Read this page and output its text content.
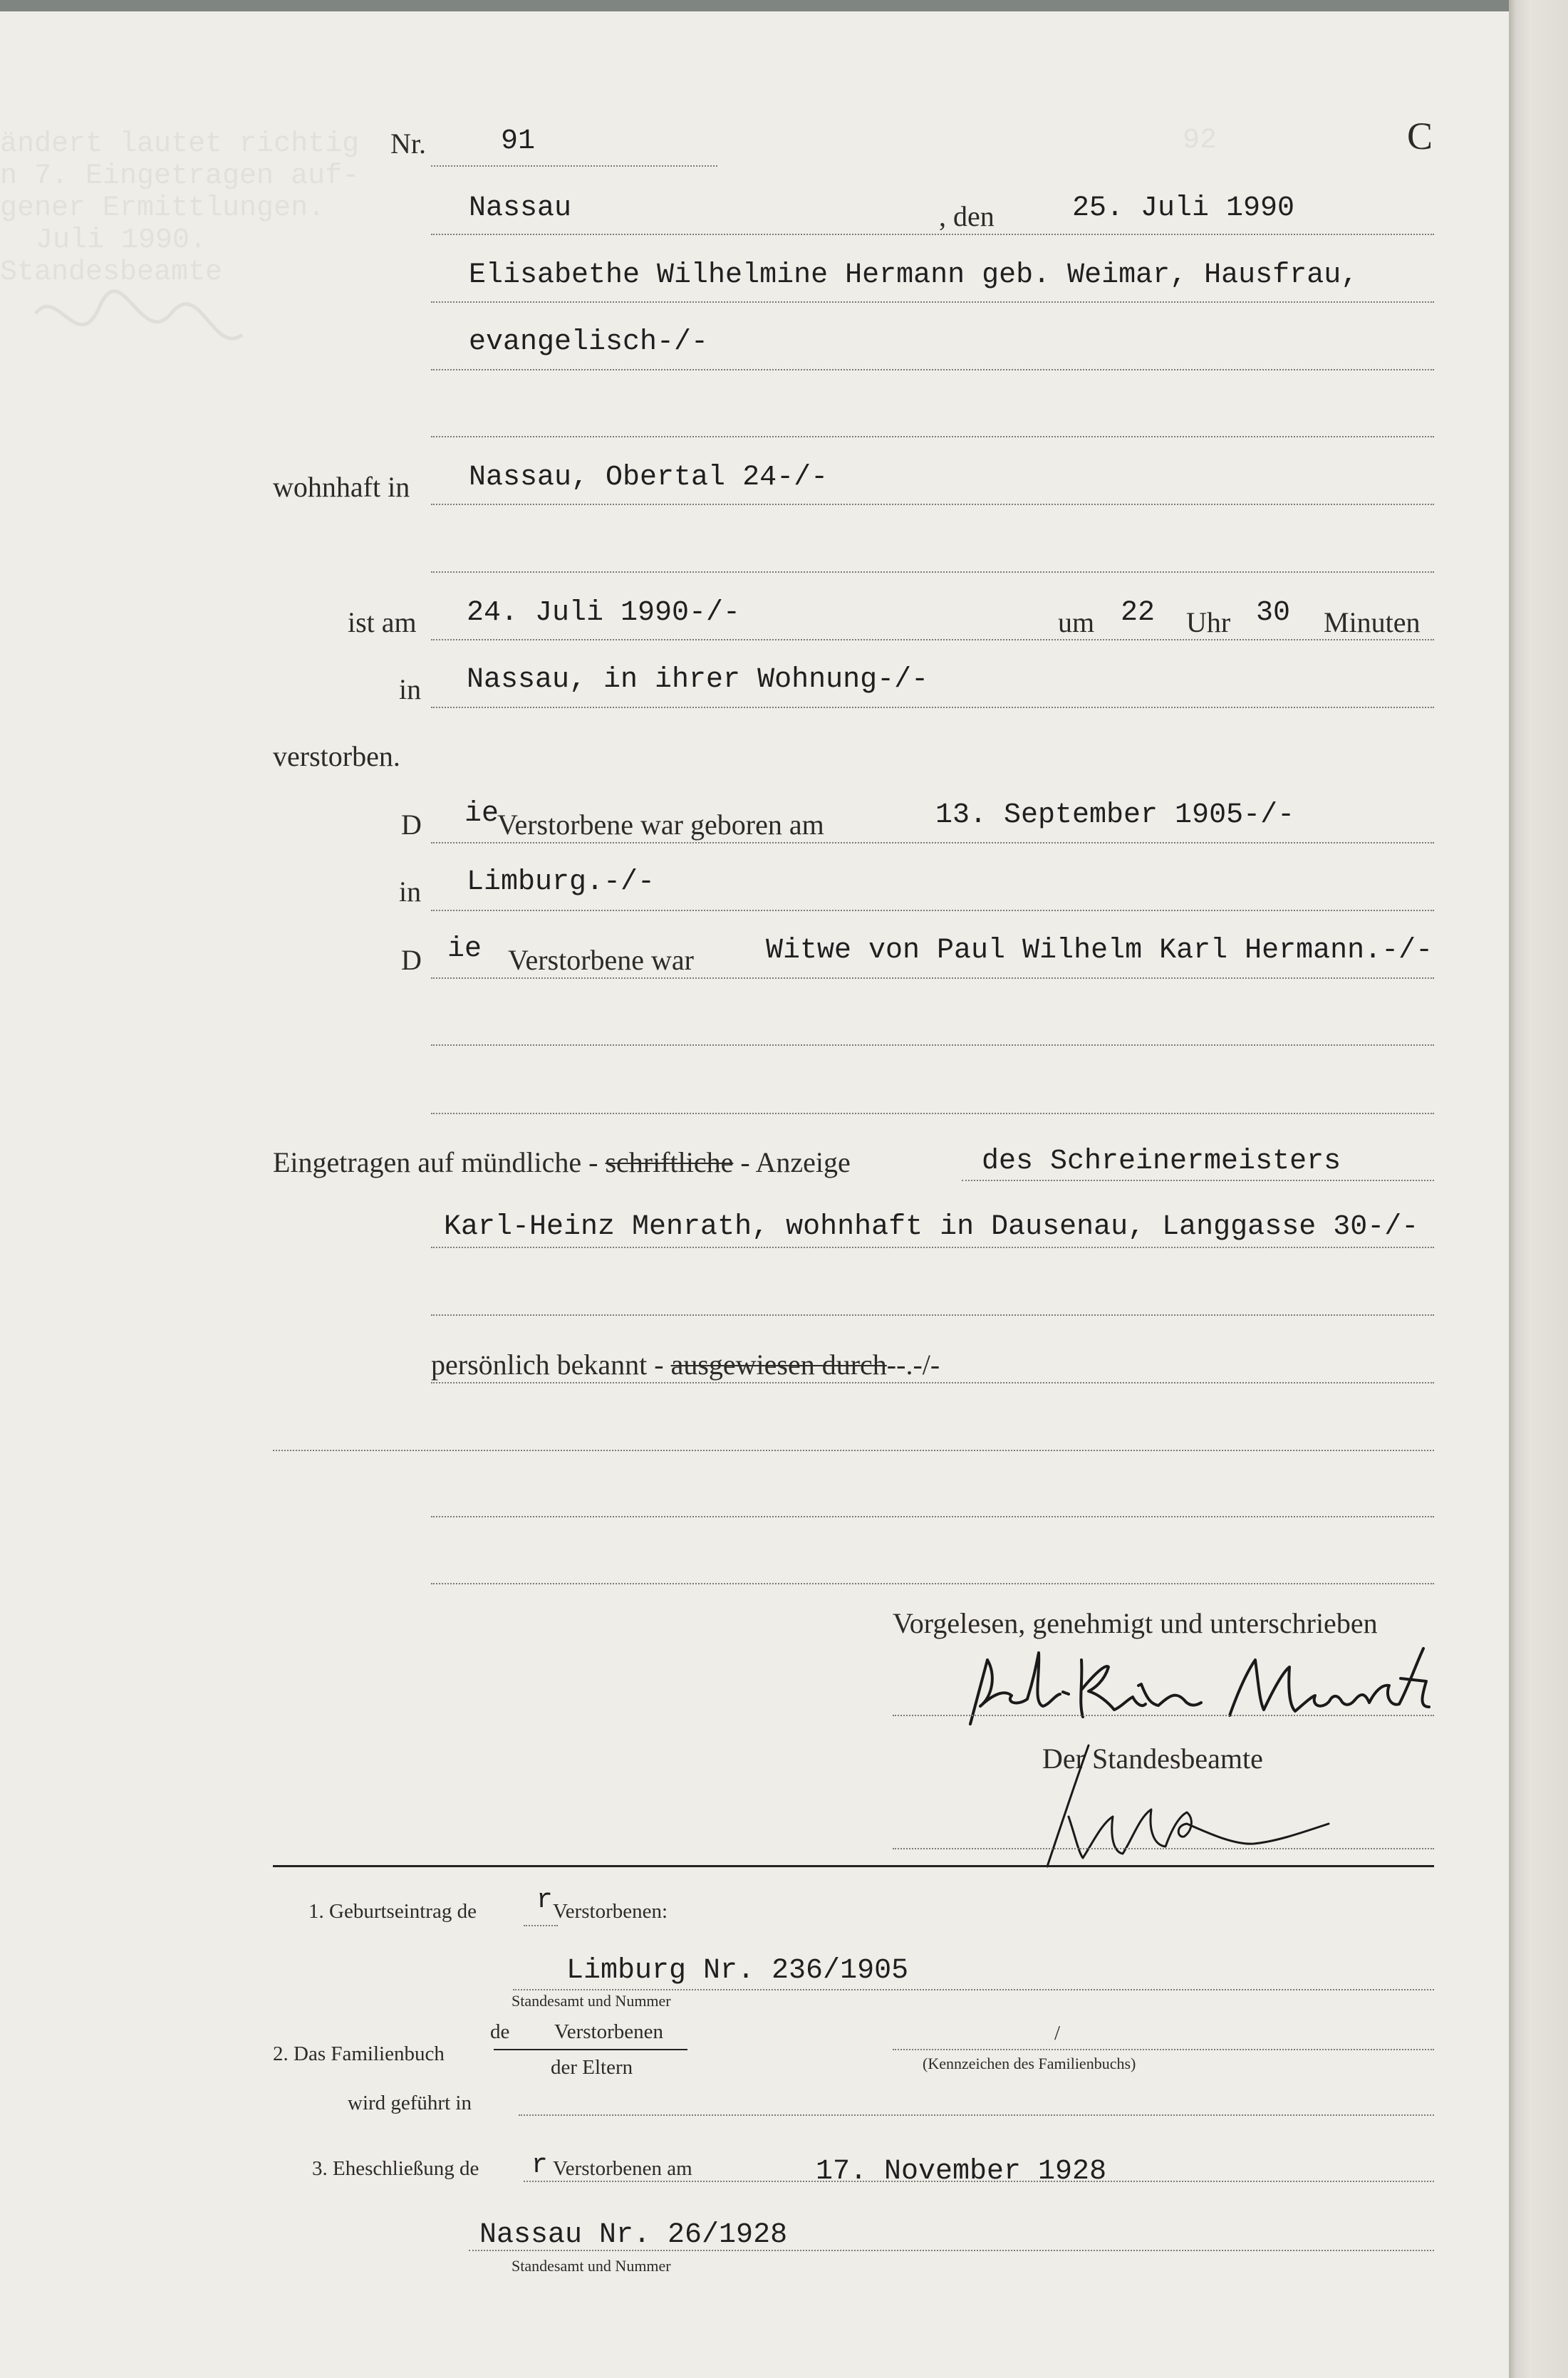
ändert lautet richtig
n 7. Eingetragen auf-
gener Ermittlungen.
Juli 1990.
Standesbeamte
92
Nr.	91	C
Nassau	, den	25. Juli 1990
Elisabethe Wilhelmine Hermann geb. Weimar, Hausfrau,
evangelisch-/-
wohnhaft in Nassau, Obertal 24-/-
ist am 24. Juli 1990-/-	um 22 Uhr 30 Minuten
in Nassau, in ihrer Wohnung-/-
verstorben.
D ie
Verstorbene war geboren am	13. September 1905-/-
in Limburg.-/-
D ie Verstorbene war	Witwe von Paul Wilhelm Karl Hermann.-/-
Eingetragen auf mündliche - schriftliche - Anzeige	des Schreinermeisters
Karl-Heinz Menrath, wohnhaft in Dausenau, Langgasse 30-/-
persönlich bekannt - ausgewiesen durch--.-/-
Vorgelesen, genehmigt und unterschrieben
Der Standesbeamte
1. Geburtseintrag de r Verstorbenen:
Limburg Nr. 236/1905
Standesamt und Nummer
de Verstorbenen
2. Das Familienbuch
/
der Eltern	(Kennzeichen des Familienbuchs)
wird geführt in
3. Eheschließung de r Verstorbenen am	17. November 1928
Nassau Nr. 26/1928
Standesamt und Nummer
